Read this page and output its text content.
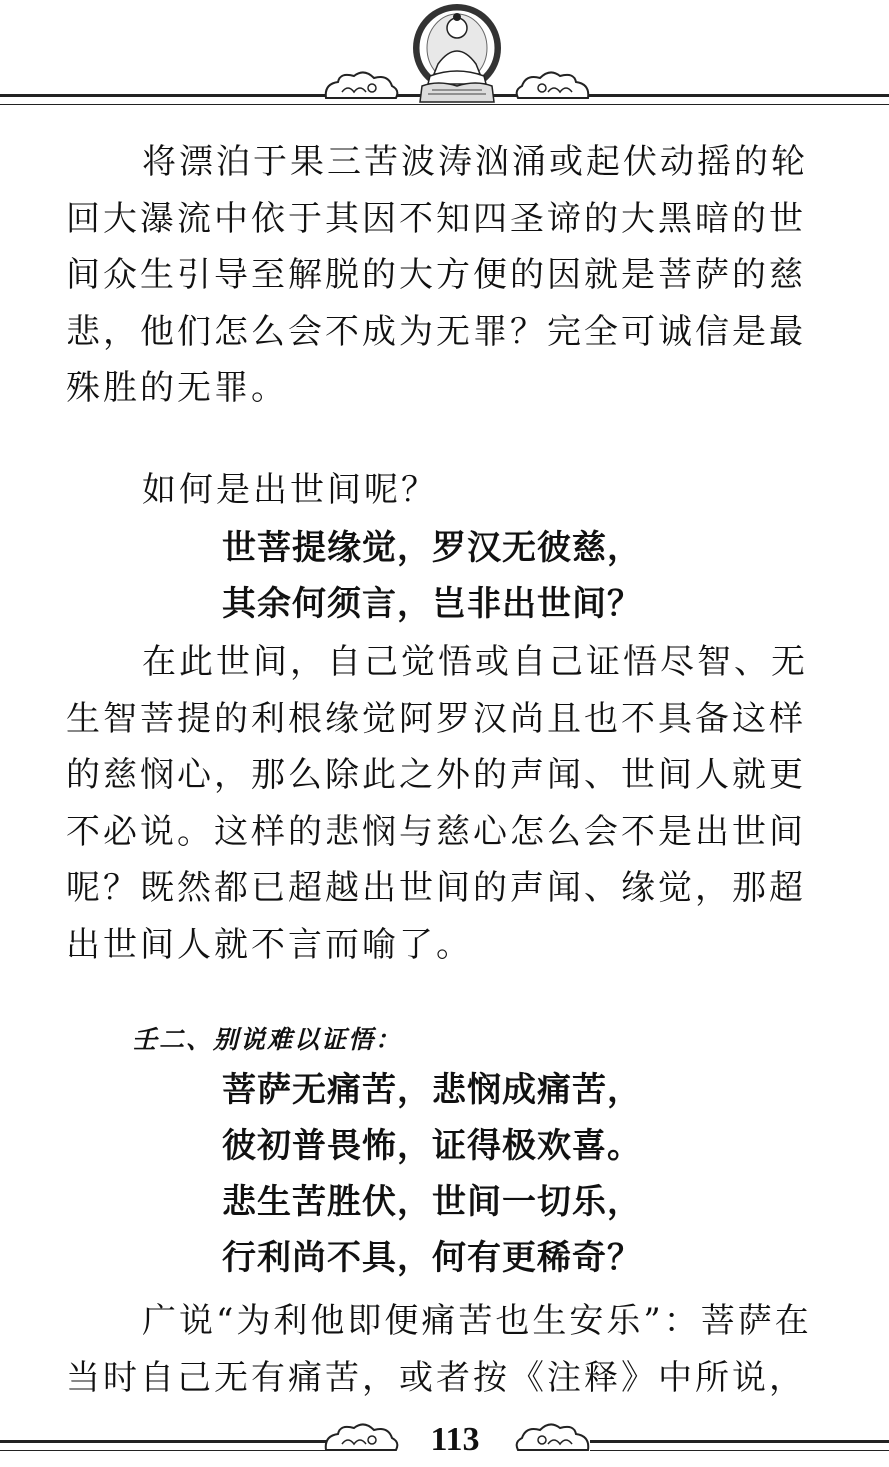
将漂泊于果三苦波涛汹涌或起伏动摇的轮
回大瀑流中依于其因不知四圣谛的大黑暗的世
间众生引导至解脱的大方便的因就是菩萨的慈
悲，他们怎么会不成为无罪？完全可诚信是最
殊胜的无罪。

如何是出世间呢？

世菩提缘觉，罗汉无彼慈，
其余何须言，岂非出世间？

在此世间，自己觉悟或自己证悟尽智、无
生智菩提的利根缘觉阿罗汉尚且也不具备这样
的慈悯心，那么除此之外的声闻、世间人就更
不必说。这样的悲悯与慈心怎么会不是出世间
呢？既然都已超越出世间的声闻、缘觉，那超
出世间人就不言而喻了。

壬二、别说难以证悟：
菩萨无痛苦，悲悯成痛苦，
彼初普畏怖，证得极欢喜。
悲生苦胜伏，世间一切乐，
行利尚不具，何有更稀奇？

广说“为利他即便痛苦也生安乐”：菩萨在
当时自己无有痛苦，或者按《注释》中所说，

113
